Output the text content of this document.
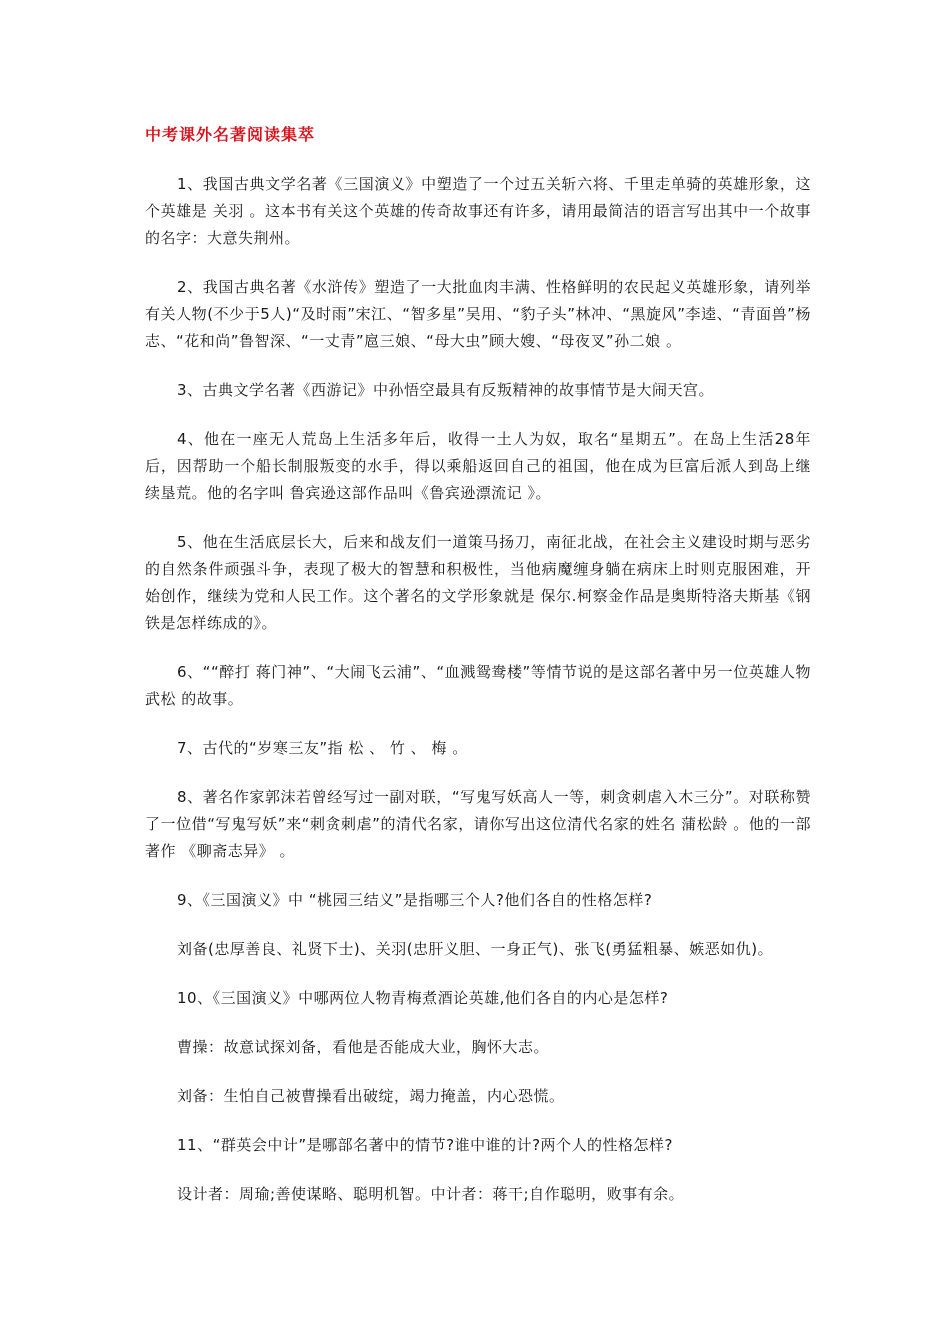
中考课外名著阅读集萃

1、我国古典文学名著《三国演义》中塑造了一个过五关斩六将、千里走单骑的英雄形象，这个英雄是 关羽 。这本书有关这个英雄的传奇故事还有许多，请用最简洁的语言写出其中一个故事的名字：大意失荆州。

2、我国古典名著《水浒传》塑造了一大批血肉丰满、性格鲜明的农民起义英雄形象，请列举有关人物(不少于5人)“及时雨”宋江、“智多星”吴用、“豹子头”林冲、“黑旋风”李逵、“青面兽”杨志、“花和尚”鲁智深、“一丈青”扈三娘、“母大虫”顾大嫂、“母夜叉”孙二娘 。

3、古典文学名著《西游记》中孙悟空最具有反叛精神的故事情节是大闹天宫。

4、他在一座无人荒岛上生活多年后，收得一土人为奴，取名“星期五”。在岛上生活28年后，因帮助一个船长制服叛变的水手，得以乘船返回自己的祖国，他在成为巨富后派人到岛上继续垦荒。他的名字叫 鲁宾逊这部作品叫《鲁宾逊漂流记 》。

5、他在生活底层长大，后来和战友们一道策马扬刀，南征北战，在社会主义建设时期与恶劣的自然条件顽强斗争，表现了极大的智慧和积极性，当他病魔缠身躺在病床上时则克服困难，开始创作，继续为党和人民工作。这个著名的文学形象就是 保尔.柯察金作品是奥斯特洛夫斯基《钢铁是怎样练成的》。

6、““醉打 蒋门神”、“大闹飞云浦”、“血溅鸳鸯楼”等情节说的是这部名著中另一位英雄人物 武松 的故事。

7、古代的“岁寒三友”指 松 、 竹 、 梅 。

8、著名作家郭沫若曾经写过一副对联，“写鬼写妖高人一等，刺贪刺虐入木三分”。对联称赞了一位借“写鬼写妖”来“刺贪刺虐”的清代名家，请你写出这位清代名家的姓名 蒲松龄 。他的一部著作 《聊斋志异》 。

9、《三国演义》中 “桃园三结义”是指哪三个人?他们各自的性格怎样?

刘备(忠厚善良、礼贤下士)、关羽(忠肝义胆、一身正气)、张飞(勇猛粗暴、嫉恶如仇)。

10、《三国演义》中哪两位人物青梅煮酒论英雄,他们各自的内心是怎样?

曹操：故意试探刘备，看他是否能成大业，胸怀大志。

刘备：生怕自己被曹操看出破绽，竭力掩盖，内心恐慌。

11、“群英会中计”是哪部名著中的情节?谁中谁的计?两个人的性格怎样?

设计者：周瑜;善使谋略、聪明机智。中计者：蒋干;自作聪明，败事有余。
